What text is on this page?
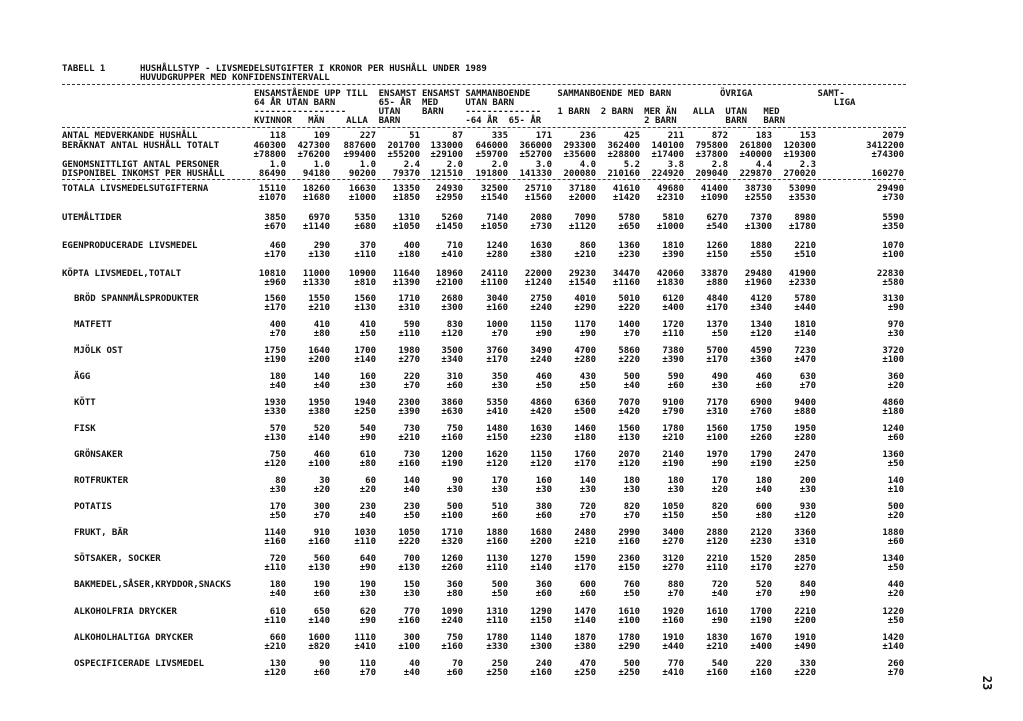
TABELL 1	HUSHÅLLSTYP - LIVSMEDELSUTGIFTER I KRONOR PER HUSHÅLL UNDER 1989
HUVUDGRUPPER MED KONFIDENSINTERVALL
ENSAMSTÅENDE UPP TILL  ENSAMST ENSAMST SAMMANBOENDE     SAMMANBOENDE MED BARN         ÖVRIGA            SAMT-
64 ÅR UTAN BARN        65- ÅR  MED     UTAN BARN                                                           LIGA
-----------------      UTAN    BARN    --------------   1 BARN  2 BARN  MER ÄN   ALLA  UTAN   MED
KVINNOR   MÄN    ALLA  BARN            -64 ÅR  65- ÅR                   2 BARN         BARN   BARN
ANTAL MEDVERKANDE HUSHÅLL	118	109	227	51	87	335	171	236	425	211	872	183	153	2079
BERÄKNAT ANTAL HUSHÅLL TOTALT	460300	427300	887600	201700	133000	646000	366000	293300	362400	140100	795800	261800	120300	3412200
±78800	±76200	±99400	±55200	±29100	±59700	±52700	±35600	±28800	±17400	±37800	±40000	±19300	±74300
GENOMSNITTLIGT ANTAL PERSONER	1.0	1.0	1.0	2.4	2.0	2.0	3.0	4.0	5.2	3.8	2.8	4.4	2.3
DISPONIBEL INKOMST PER HUSHÅLL	86490	94180	90200	79370	121510	191800	141330	200080	210160	224920	209040	229870	270020	160270
TOTALA LIVSMEDELSUTGIFTERNA	15110	18260	16630	13350	24930	32500	25710	37180	41610	49680	41400	38730	53090	29490
±1070	±1680	±1000	±1850	±2950	±1540	±1560	±2000	±1420	±2310	±1090	±2550	±3530	±730
UTEMÅLTIDER	3850	6970	5350	1310	5260	7140	2080	7090	5780	5810	6270	7370	8980	5590
±670	±1140	±680	±1050	±1450	±1050	±730	±1120	±650	±1000	±540	±1300	±1780	±350
EGENPRODUCERADE LIVSMEDEL	460	290	370	400	710	1240	1630	860	1360	1810	1260	1880	2210	1070
±170	±130	±110	±180	±410	±280	±380	±210	±230	±390	±150	±550	±510	±100
KÖPTA LIVSMEDEL,TOTALT	10810	11000	10900	11640	18960	24110	22000	29230	34470	42060	33870	29480	41900	22830
±960	±1330	±810	±1390	±2100	±1100	±1240	±1540	±1160	±1830	±880	±1960	±2330	±580
BRÖD SPANNMÅLSPRODUKTER	1560	1550	1560	1710	2680	3040	2750	4010	5010	6120	4840	4120	5780	3130
±170	±210	±130	±310	±300	±160	±240	±290	±220	±400	±170	±340	±440	±90
MATFETT	400	410	410	590	830	1000	1150	1170	1400	1720	1370	1340	1810	970
±70	±80	±50	±110	±120	±70	±90	±90	±70	±110	±50	±120	±140	±30
MJÖLK OST	1750	1640	1700	1980	3500	3760	3490	4700	5860	7380	5700	4590	7230	3720
±190	±200	±140	±270	±340	±170	±240	±280	±220	±390	±170	±360	±470	±100
ÄGG	180	140	160	220	310	350	460	430	500	590	490	460	630	360
±40	±40	±30	±70	±60	±30	±50	±50	±40	±60	±30	±60	±70	±20
KÖTT	1930	1950	1940	2300	3860	5350	4860	6360	7070	9100	7170	6900	9400	4860
±330	±380	±250	±390	±630	±410	±420	±500	±420	±790	±310	±760	±880	±180
FISK	570	520	540	730	750	1480	1630	1460	1560	1780	1560	1750	1950	1240
±130	±140	±90	±210	±160	±150	±230	±180	±130	±210	±100	±260	±280	±60
GRÖNSAKER	750	460	610	730	1200	1620	1150	1760	2070	2140	1970	1790	2470	1360
±120	±100	±80	±160	±190	±120	±120	±170	±120	±190	±90	±190	±250	±50
ROTFRUKTER	80	30	60	140	90	170	160	140	180	180	170	180	200	140
±30	±20	±20	±40	±30	±30	±30	±30	±30	±30	±20	±40	±30	±10
POTATIS	170	300	230	230	500	510	380	720	820	1050	820	600	930	500
±50	±70	±40	±50	±100	±60	±60	±70	±70	±150	±50	±80	±120	±20
FRUKT, BÄR	1140	910	1030	1050	1710	1880	1680	2480	2990	3400	2880	2120	3360	1880
±160	±160	±110	±220	±320	±160	±200	±210	±160	±270	±120	±230	±310	±60
SÖTSAKER, SOCKER	720	560	640	700	1260	1130	1270	1590	2360	3120	2210	1520	2850	1340
±110	±130	±90	±130	±260	±110	±140	±170	±150	±270	±110	±170	±270	±50
BAKMEDEL,SÅSER,KRYDDOR,SNACKS	180	190	190	150	360	500	360	600	760	880	720	520	840	440
±40	±60	±30	±30	±80	±50	±60	±60	±50	±70	±40	±70	±90	±20
ALKOHOLFRIA DRYCKER	610	650	620	770	1090	1310	1290	1470	1610	1920	1610	1700	2210	1220
±110	±140	±90	±160	±240	±110	±150	±140	±100	±160	±90	±190	±200	±50
ALKOHOLHALTIGA DRYCKER	660	1600	1110	300	750	1780	1140	1870	1780	1910	1830	1670	1910	1420
±210	±820	±410	±100	±160	±330	±300	±380	±290	±440	±210	±400	±490	±140
OSPECIFICERADE LIVSMEDEL	130	90	110	40	70	250	240	470	500	770	540	220	330	260
±120	±60	±70	±40	±60	±250	±160	±250	±250	±410	±160	±160	±220	±70
23
